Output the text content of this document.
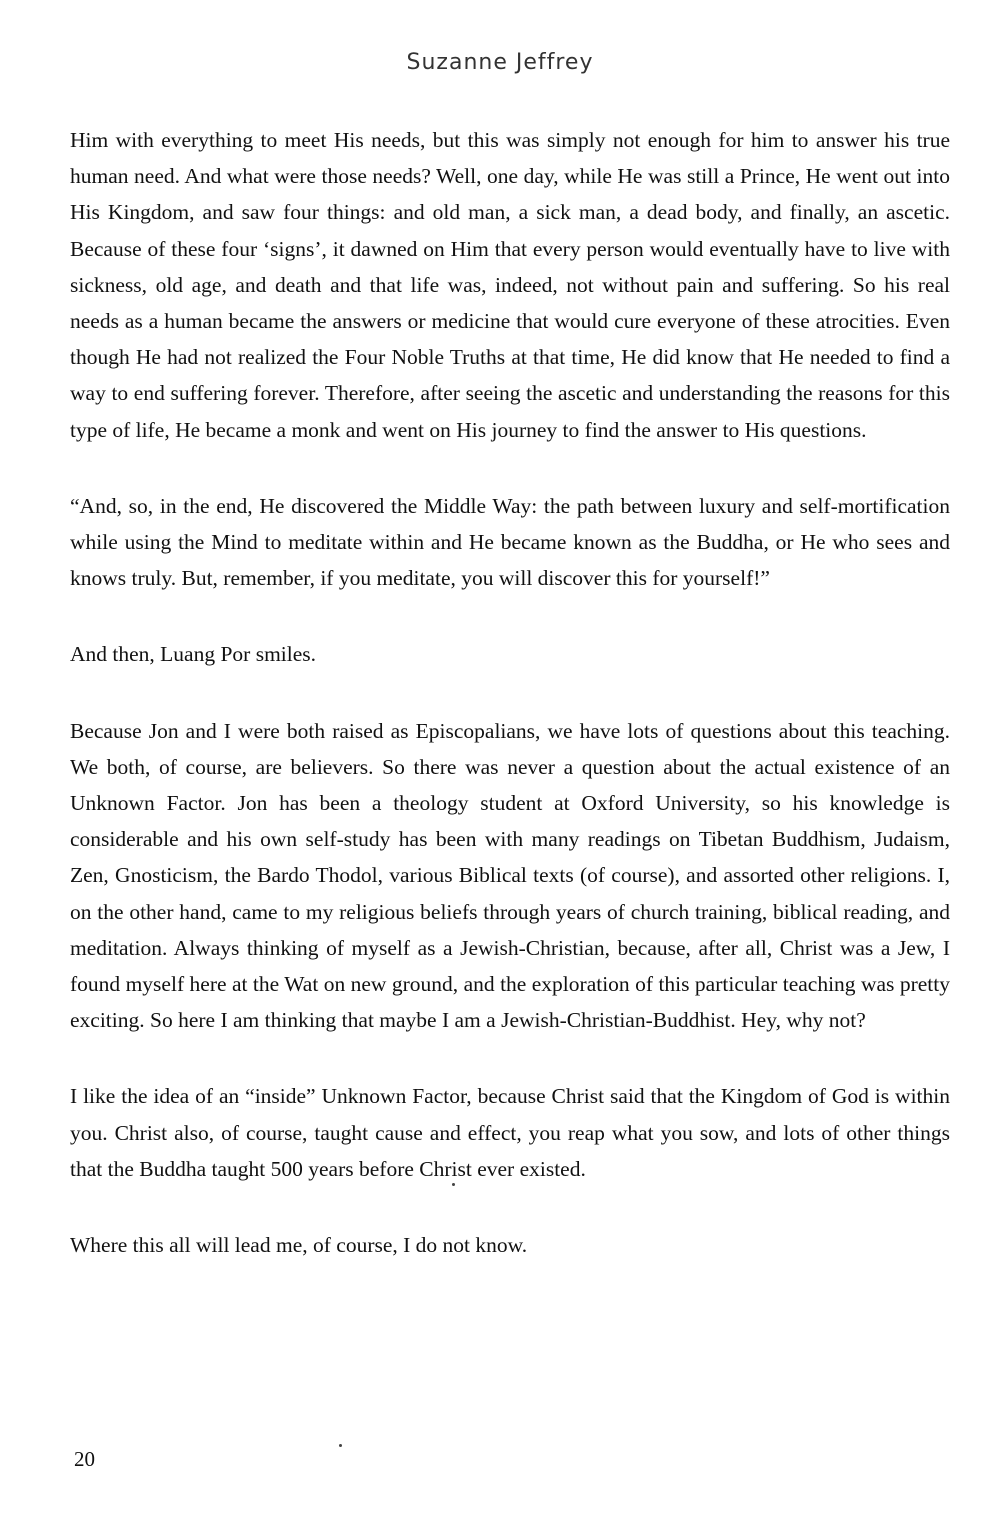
Suzanne Jeffrey

Him with everything to meet His needs, but this was simply not enough for him to answer his true human need. And what were those needs? Well, one day, while He was still a Prince, He went out into His Kingdom, and saw four things: and old man, a sick man, a dead body, and finally, an ascetic. Because of these four ‘signs’, it dawned on Him that every person would eventually have to live with sickness, old age, and death and that life was, indeed, not without pain and suffering. So his real needs as a human became the answers or medicine that would cure everyone of these atrocities. Even though He had not realized the Four Noble Truths at that time, He did know that He needed to find a way to end suffering forever. Therefore, after seeing the ascetic and understanding the reasons for this type of life, He became a monk and went on His journey to find the answer to His questions.

“And, so, in the end, He discovered the Middle Way: the path between luxury and self-mortification while using the Mind to meditate within and He became known as the Buddha, or He who sees and knows truly. But, remember, if you meditate, you will discover this for yourself!”

And then, Luang Por smiles.

Because Jon and I were both raised as Episcopalians, we have lots of questions about this teaching. We both, of course, are believers. So there was never a question about the actual existence of an Unknown Factor. Jon has been a theology student at Oxford University, so his knowledge is considerable and his own self-study has been with many readings on Tibetan Buddhism, Judaism, Zen, Gnosticism, the Bardo Thodol, various Biblical texts (of course), and assorted other religions. I, on the other hand, came to my religious beliefs through years of church training, biblical reading, and meditation. Always thinking of myself as a Jewish-Christian, because, after all, Christ was a Jew, I found myself here at the Wat on new ground, and the exploration of this particular teaching was pretty exciting. So here I am thinking that maybe I am a Jewish-Christian-Buddhist. Hey, why not?

I like the idea of an “inside” Unknown Factor, because Christ said that the Kingdom of God is within you. Christ also, of course, taught cause and effect, you reap what you sow, and lots of other things that the Buddha taught 500 years before Christ ever existed.

Where this all will lead me, of course, I do not know.

20
